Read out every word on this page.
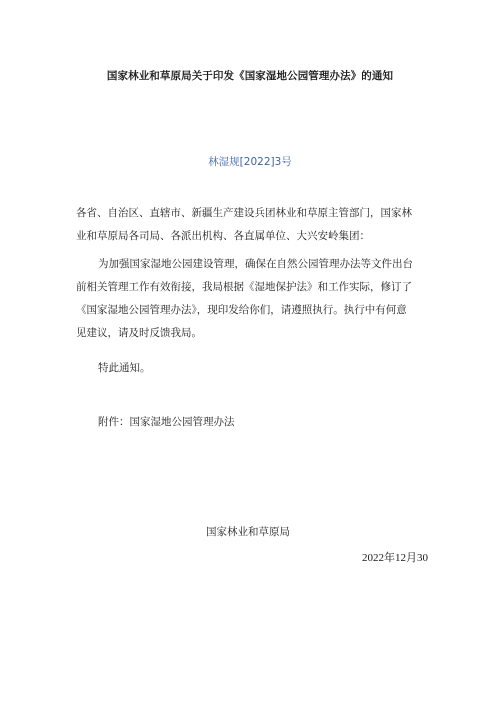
国家林业和草原局关于印发《国家湿地公园管理办法》的通知
林湿规[2022]3号
各省、自治区、直辖市、新疆生产建设兵团林业和草原主管部门，国家林
业和草原局各司局、各派出机构、各直属单位、大兴安岭集团：
为加强国家湿地公园建设管理，确保在自然公园管理办法等文件出台
前相关管理工作有效衔接，我局根据《湿地保护法》和工作实际，修订了
《国家湿地公园管理办法》，现印发给你们，请遵照执行。执行中有何意
见建议，请及时反馈我局。
特此通知。
附件：国家湿地公园管理办法
国家林业和草原局
2022年12月30
